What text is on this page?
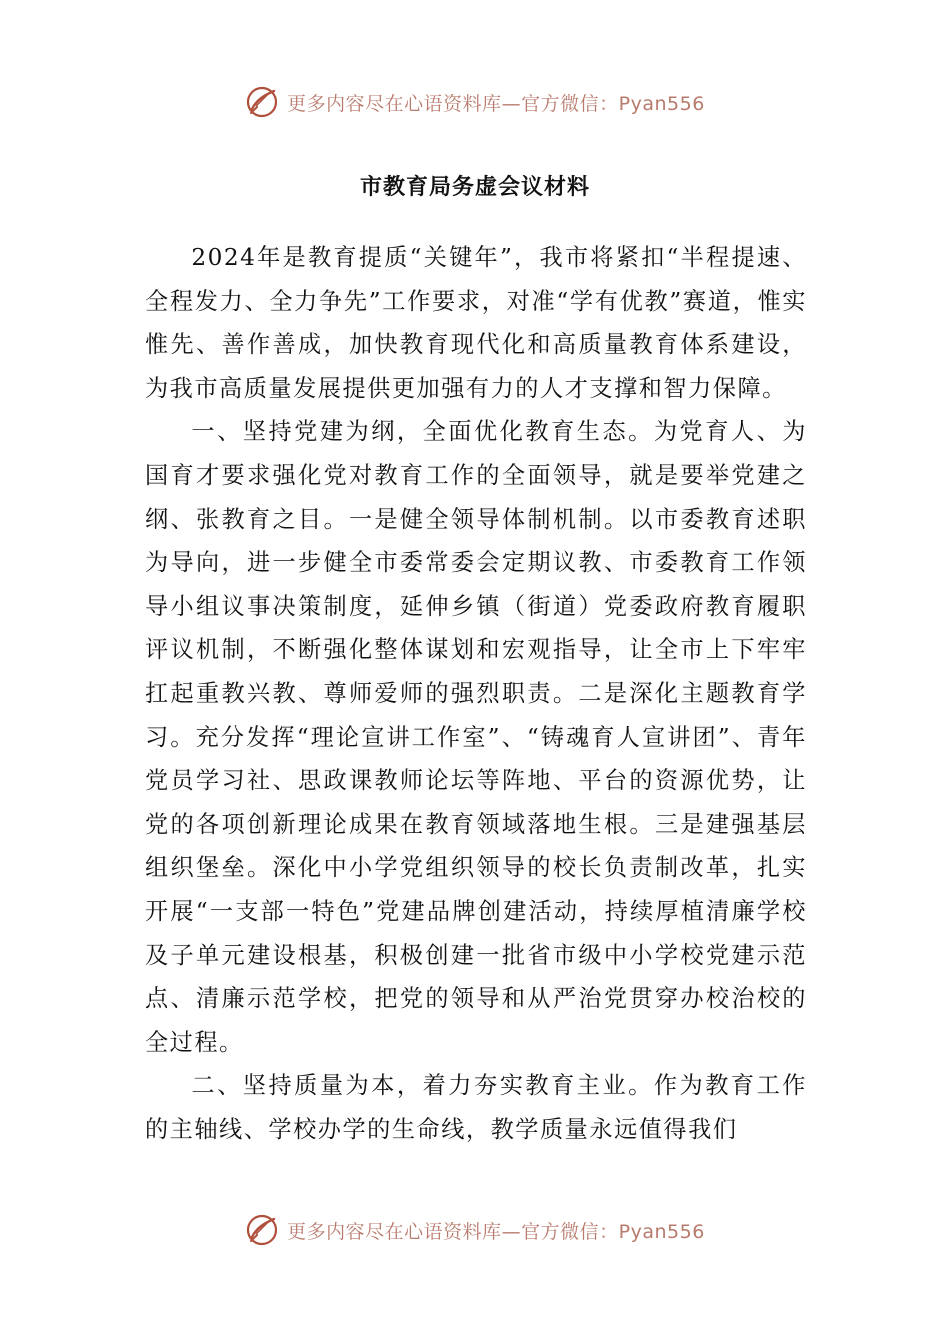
更多内容尽在心语资料库—官方微信：Pyan556
市教育局务虚会议材料

2024年是教育提质“关键年”，我市将紧扣“半程提速、全程发力、全力争先”工作要求，对准“学有优教”赛道，惟实惟先、善作善成，加快教育现代化和高质量教育体系建设，为我市高质量发展提供更加强有力的人才支撑和智力保障。

一、坚持党建为纲，全面优化教育生态。为党育人、为国育才要求强化党对教育工作的全面领导，就是要举党建之纲、张教育之目。一是健全领导体制机制。以市委教育述职为导向，进一步健全市委常委会定期议教、市委教育工作领导小组议事决策制度，延伸乡镇（街道）党委政府教育履职评议机制，不断强化整体谋划和宏观指导，让全市上下牢牢扛起重教兴教、尊师爱师的强烈职责。二是深化主题教育学习。充分发挥“理论宣讲工作室”、“铸魂育人宣讲团”、青年党员学习社、思政课教师论坛等阵地、平台的资源优势，让党的各项创新理论成果在教育领域落地生根。三是建强基层组织堡垒。深化中小学党组织领导的校长负责制改革，扎实开展“一支部一特色”党建品牌创建活动，持续厚植清廉学校及子单元建设根基，积极创建一批省市级中小学校党建示范点、清廉示范学校，把党的领导和从严治党贯穿办校治校的全过程。

二、坚持质量为本，着力夯实教育主业。作为教育工作的主轴线、学校办学的生命线，教学质量永远值得我们

更多内容尽在心语资料库—官方微信：Pyan556
